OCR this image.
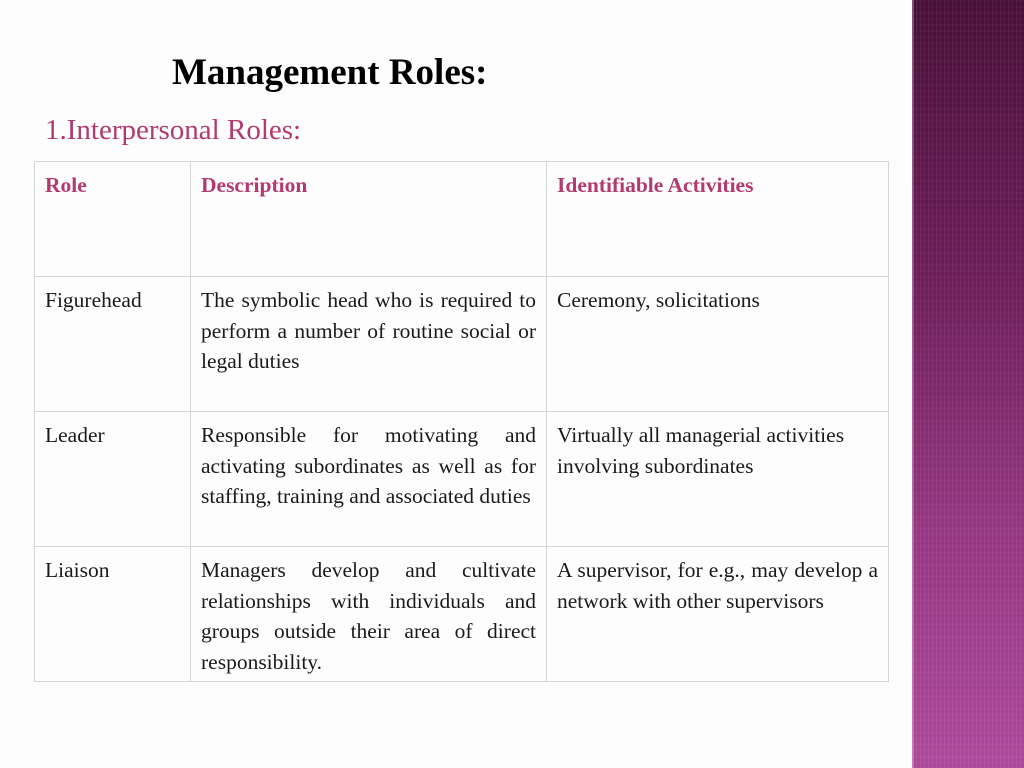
Management Roles:
1.Interpersonal Roles:
Role	Description	Identifiable Activities
Figurehead	The symbolic head who is required to perform a number of routine social or legal duties	Ceremony, solicitations
Leader	Responsible for motivating and activating subordinates as well as for staffing, training and associated duties	Virtually all managerial activities involving subordinates
Liaison	Managers develop and cultivate relationships with individuals and groups outside their area of direct responsibility.	A supervisor, for e.g., may develop a network with other supervisors
